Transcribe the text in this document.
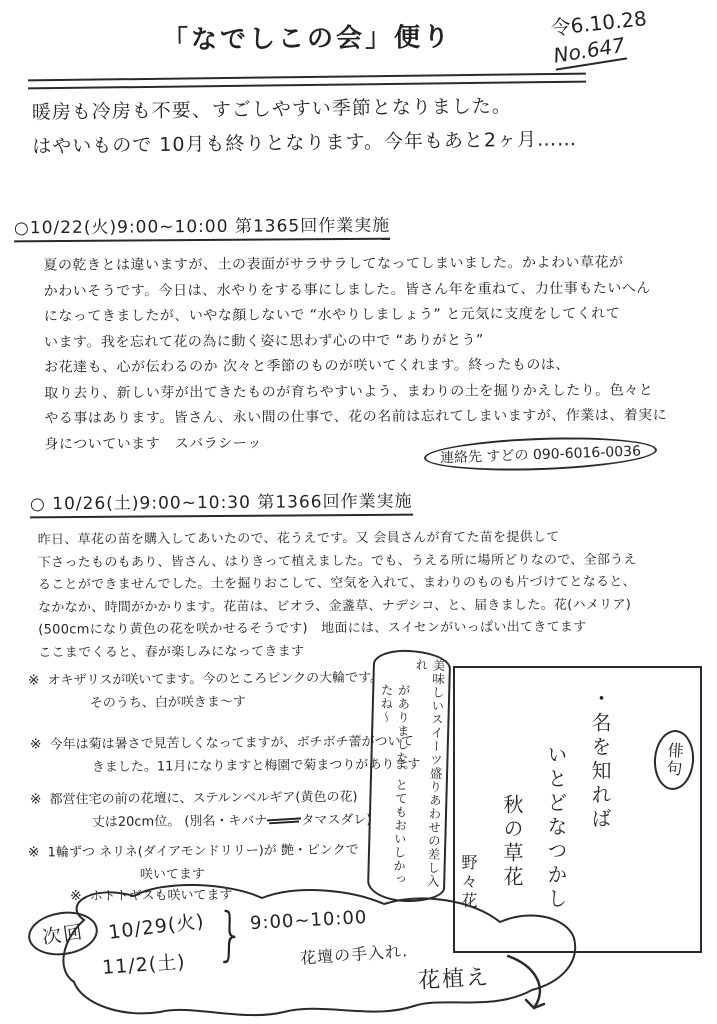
「なでしこの会」便り	令6.10.28
No.647
暖房も冷房も不要、すごしやすい季節となりました。
はやいもので 10月も終りとなります。今年もあと2ヶ月……
○10/22(火)9:00~10:00 第1365回作業実施
夏の乾きとは違いますが、土の表面がサラサラしてなってしまいました。かよわい草花が
かわいそうです。今日は、水やりをする事にしました。皆さん年を重ねて、力仕事もたいへん
になってきましたが、いやな顔しないで “水やりしましょう” と元気に支度をしてくれて
います。我を忘れて花の為に動く姿に思わず心の中で “ありがとう”
お花達も、心が伝わるのか 次々と季節のものが咲いてくれます。終ったものは、
取り去り、新しい芽が出てきたものが育ちやすいよう、まわりの土を掘りかえしたり。色々と
やる事はあります。皆さん、永い間の仕事で、花の名前は忘れてしまいますが、作業は、着実に
身についています　スバラシーッ	連絡先 すどの 090-6016-0036
○ 10/26(土)9:00~10:30 第1366回作業実施
昨日、草花の苗を購入してあいたので、花うえです。又 会員さんが育てた苗を提供して
下さったものもあり、皆さん、はりきって植えました。でも、うえる所に場所どりなので、全部うえ
ることができませんでした。土を掘りおこして、空気を入れて、まわりのものも片づけてとなると、
なかなか、時間がかかります。花苗は、ビオラ、金盞草、ナデシコ、と、届きました。花(ハメリア)
(500cmになり黄色の花を咲かせるそうです)　地面には、スイセンがいっぱい出てきてます
ここまでくると、春が楽しみになってきます
※ オキザリスが咲いてます。今のところピンクの大輪です。
そのうち、白が咲きま〜す
※ 今年は菊は暑さで見苦しくなってますが、ボチボチ蕾がついて
きました。11月になりますと梅園で菊まつりがあります
※ 都営住宅の前の花壇に、ステルンベルギア(黄色の花)
丈は20cm位。 (別名・キバナ	タマスダレ)
※ 1輪ずつ ネリネ(ダイアモンドリリー)が 艶・ピンクで
咲いてます
※ ホトトギスも咲いてます
美味しいスイーツ盛りあわせの差し入れ
がありました。とてもおいしかったね〜	・名を知れば
いとどなつかし
秋の草花
野々花
俳句
次回	10/29(火)
11/2(土) } 9:00~10:00
花壇の手入れ.
花植え
